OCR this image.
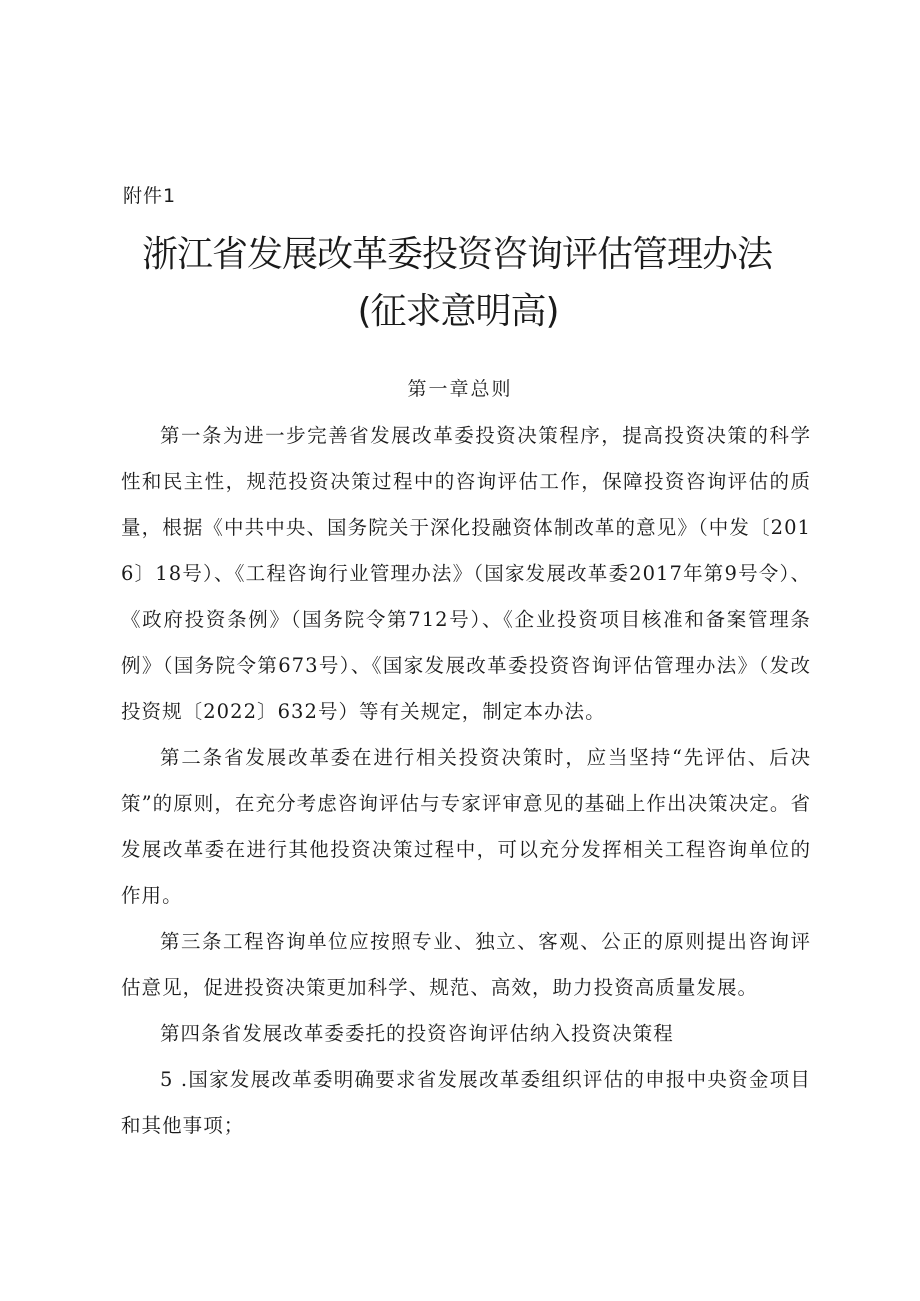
附件1
浙江省发展改革委投资咨询评估管理办法
(征求意明高)
第一章总则

第一条为进一步完善省发展改革委投资决策程序，提高投资决策的科学性和民主性，规范投资决策过程中的咨询评估工作，保障投资咨询评估的质量，根据《中共中央、国务院关于深化投融资体制改革的意见》（中发〔2016〕18号）、《工程咨询行业管理办法》（国家发展改革委2017年第9号令）、《政府投资条例》（国务院令第712号）、《企业投资项目核准和备案管理条例》（国务院令第673号）、《国家发展改革委投资咨询评估管理办法》（发改投资规〔2022〕632号）等有关规定，制定本办法。

第二条省发展改革委在进行相关投资决策时，应当坚持“先评估、后决策”的原则，在充分考虑咨询评估与专家评审意见的基础上作出决策决定。省发展改革委在进行其他投资决策过程中，可以充分发挥相关工程咨询单位的作用。

第三条工程咨询单位应按照专业、独立、客观、公正的原则提出咨询评估意见，促进投资决策更加科学、规范、高效，助力投资高质量发展。

第四条省发展改革委委托的投资咨询评估纳入投资决策程

5 .国家发展改革委明确要求省发展改革委组织评估的申报中央资金项目和其他事项；
